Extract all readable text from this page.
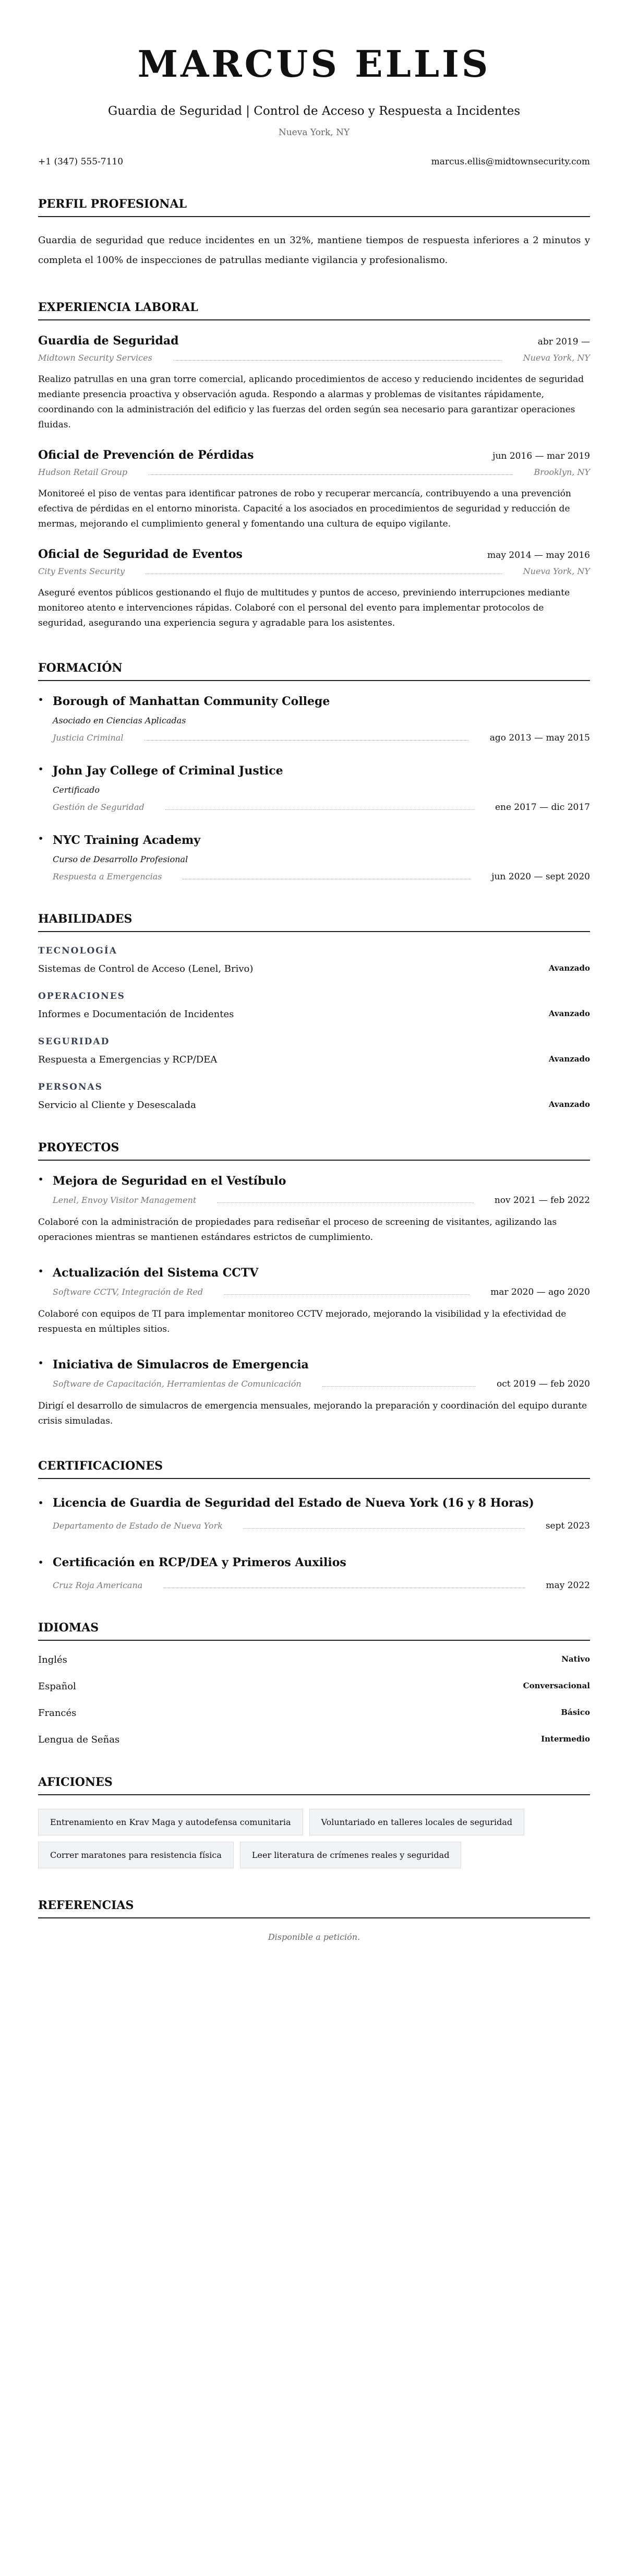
MARCUS ELLIS
Guardia de Seguridad | Control de Acceso y Respuesta a Incidentes
Nueva York, NY
+1 (347) 555-7110	marcus.ellis@midtownsecurity.com
PERFIL PROFESIONAL
Guardia de seguridad que reduce incidentes en un 32%, mantiene tiempos de respuesta inferiores a 2 minutos y completa el 100% de inspecciones de patrullas mediante vigilancia y profesionalismo.
EXPERIENCIA LABORAL
Guardia de Seguridad	abr 2019 —
Midtown Security Services	Nueva York, NY
Realizo patrullas en una gran torre comercial, aplicando procedimientos de acceso y reduciendo incidentes de seguridad mediante presencia proactiva y observación aguda. Respondo a alarmas y problemas de visitantes rápidamente, coordinando con la administración del edificio y las fuerzas del orden según sea necesario para garantizar operaciones fluidas.
Oficial de Prevención de Pérdidas	jun 2016 — mar 2019
Hudson Retail Group	Brooklyn, NY
Monitoreé el piso de ventas para identificar patrones de robo y recuperar mercancía, contribuyendo a una prevención efectiva de pérdidas en el entorno minorista. Capacité a los asociados en procedimientos de seguridad y reducción de mermas, mejorando el cumplimiento general y fomentando una cultura de equipo vigilante.
Oficial de Seguridad de Eventos	may 2014 — may 2016
City Events Security	Nueva York, NY
Aseguré eventos públicos gestionando el flujo de multitudes y puntos de acceso, previniendo interrupciones mediante monitoreo atento e intervenciones rápidas. Colaboré con el personal del evento para implementar protocolos de seguridad, asegurando una experiencia segura y agradable para los asistentes.
FORMACIÓN
• Borough of Manhattan Community College
Asociado en Ciencias Aplicadas
Justicia Criminal	ago 2013 — may 2015
• John Jay College of Criminal Justice
Certificado
Gestión de Seguridad	ene 2017 — dic 2017
• NYC Training Academy
Curso de Desarrollo Profesional
Respuesta a Emergencias	jun 2020 — sept 2020
HABILIDADES
TECNOLOGÍA
Sistemas de Control de Acceso (Lenel, Brivo)	Avanzado
OPERACIONES
Informes e Documentación de Incidentes	Avanzado
SEGURIDAD
Respuesta a Emergencias y RCP/DEA	Avanzado
PERSONAS
Servicio al Cliente y Desescalada	Avanzado
PROYECTOS
• Mejora de Seguridad en el Vestíbulo
Lenel, Envoy Visitor Management	nov 2021 — feb 2022
Colaboré con la administración de propiedades para rediseñar el proceso de screening de visitantes, agilizando las operaciones mientras se mantienen estándares estrictos de cumplimiento.
• Actualización del Sistema CCTV
Software CCTV, Integración de Red	mar 2020 — ago 2020
Colaboré con equipos de TI para implementar monitoreo CCTV mejorado, mejorando la visibilidad y la efectividad de respuesta en múltiples sitios.
• Iniciativa de Simulacros de Emergencia
Software de Capacitación, Herramientas de Comunicación	oct 2019 — feb 2020
Dirigí el desarrollo de simulacros de emergencia mensuales, mejorando la preparación y coordinación del equipo durante crisis simuladas.
CERTIFICACIONES
• Licencia de Guardia de Seguridad del Estado de Nueva York (16 y 8 Horas)
Departamento de Estado de Nueva York	sept 2023
• Certificación en RCP/DEA y Primeros Auxilios
Cruz Roja Americana	may 2022
IDIOMAS
Inglés	Nativo
Español	Conversacional
Francés	Básico
Lengua de Señas	Intermedio
AFICIONES
Entrenamiento en Krav Maga y autodefensa comunitaria	Voluntariado en talleres locales de seguridad
Correr maratones para resistencia física	Leer literatura de crímenes reales y seguridad
REFERENCIAS
Disponible a petición.
